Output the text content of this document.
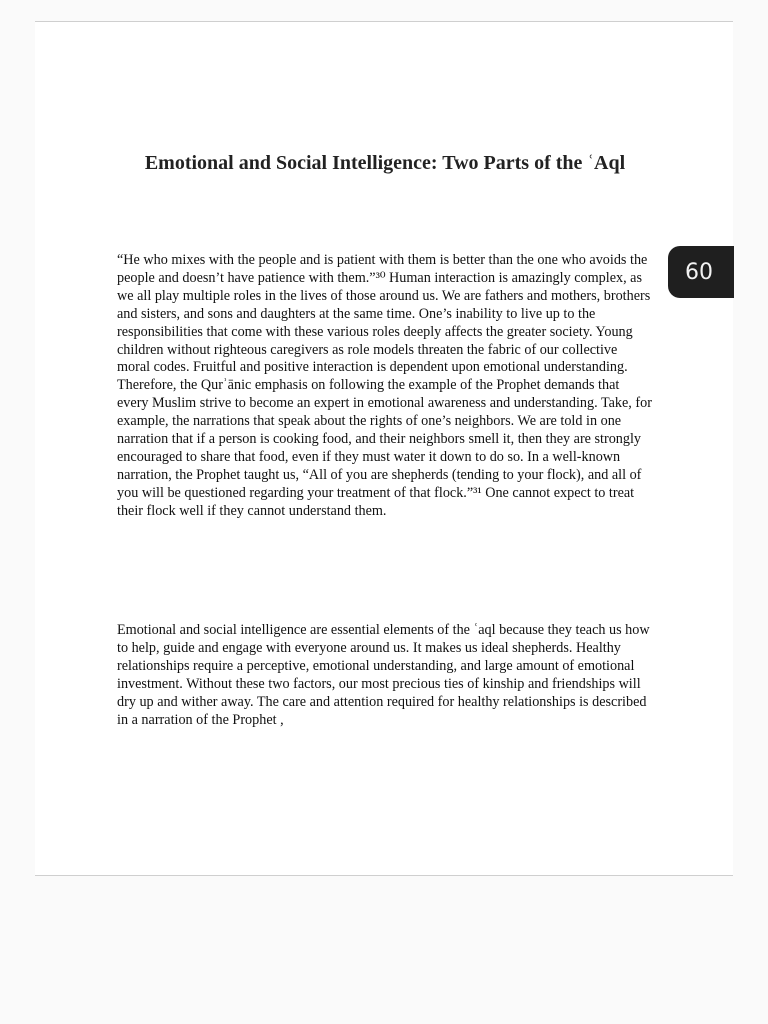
Emotional and Social Intelligence: Two Parts of the ʿAql

“He who mixes with the people and is patient with them is better than the one who avoids the people and doesn’t have patience with them.”³⁰ Human interaction is amazingly complex, as we all play multiple roles in the lives of those around us. We are fathers and mothers, brothers and sisters, and sons and daughters at the same time. One’s inability to live up to the responsibilities that come with these various roles deeply affects the greater society. Young children without righteous caregivers as role models threaten the fabric of our collective moral codes. Fruitful and positive interaction is dependent upon emotional understanding. Therefore, the Qurʾānic emphasis on following the example of the Prophet demands that every Muslim strive to become an expert in emotional awareness and understanding. Take, for example, the narrations that speak about the rights of one’s neighbors. We are told in one narration that if a person is cooking food, and their neighbors smell it, then they are strongly encouraged to share that food, even if they must water it down to do so. In a well-known narration, the Prophet taught us, “All of you are shepherds (tending to your flock), and all of you will be questioned regarding your treatment of that flock.”³¹ One cannot expect to treat their flock well if they cannot understand them.

Emotional and social intelligence are essential elements of the ʿaql because they teach us how to help, guide and engage with everyone around us. It makes us ideal shepherds. Healthy relationships require a perceptive, emotional understanding, and large amount of emotional investment. Without these two factors, our most precious ties of kinship and friendships will dry up and wither away. The care and attention required for healthy relationships is described in a narration of the Prophet ,

60
